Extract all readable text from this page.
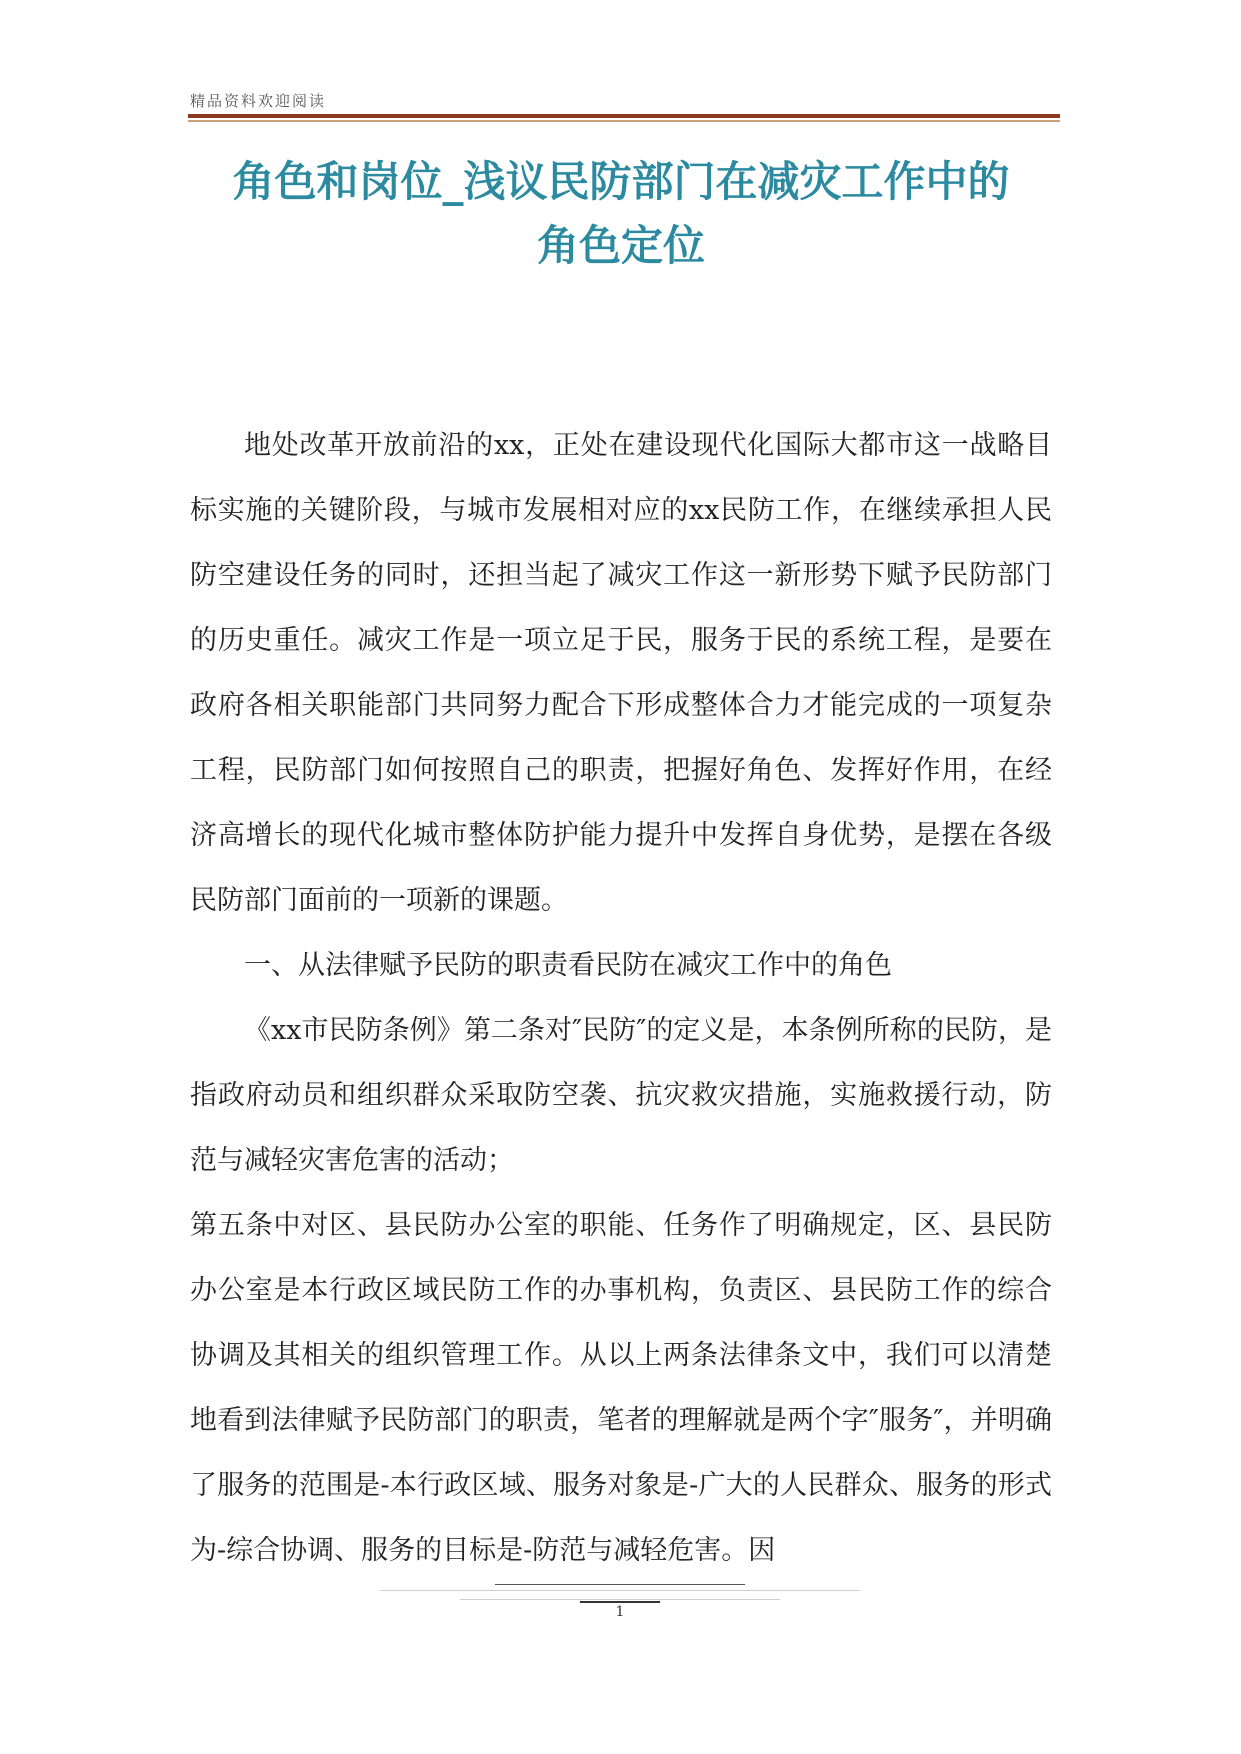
精品资料欢迎阅读
角色和岗位_浅议民防部门在减灾工作中的
角色定位

地处改革开放前沿的xx，正处在建设现代化国际大都市这一战略目标实施的关键阶段，与城市发展相对应的xx民防工作，在继续承担人民防空建设任务的同时，还担当起了减灾工作这一新形势下赋予民防部门的历史重任。减灾工作是一项立足于民，服务于民的系统工程，是要在政府各相关职能部门共同努力配合下形成整体合力才能完成的一项复杂工程，民防部门如何按照自己的职责，把握好角色、发挥好作用，在经济高增长的现代化城市整体防护能力提升中发挥自身优势，是摆在各级民防部门面前的一项新的课题。

一、从法律赋予民防的职责看民防在减灾工作中的角色

《xx市民防条例》第二条对″民防″的定义是，本条例所称的民防，是指政府动员和组织群众采取防空袭、抗灾救灾措施，实施救援行动，防范与减轻灾害危害的活动；

第五条中对区、县民防办公室的职能、任务作了明确规定，区、县民防办公室是本行政区域民防工作的办事机构，负责区、县民防工作的综合协调及其相关的组织管理工作。从以上两条法律条文中，我们可以清楚地看到法律赋予民防部门的职责，笔者的理解就是两个字″服务″，并明确了服务的范围是-本行政区域、服务对象是-广大的人民群众、服务的形式为-综合协调、服务的目标是-防范与减轻危害。因

1
